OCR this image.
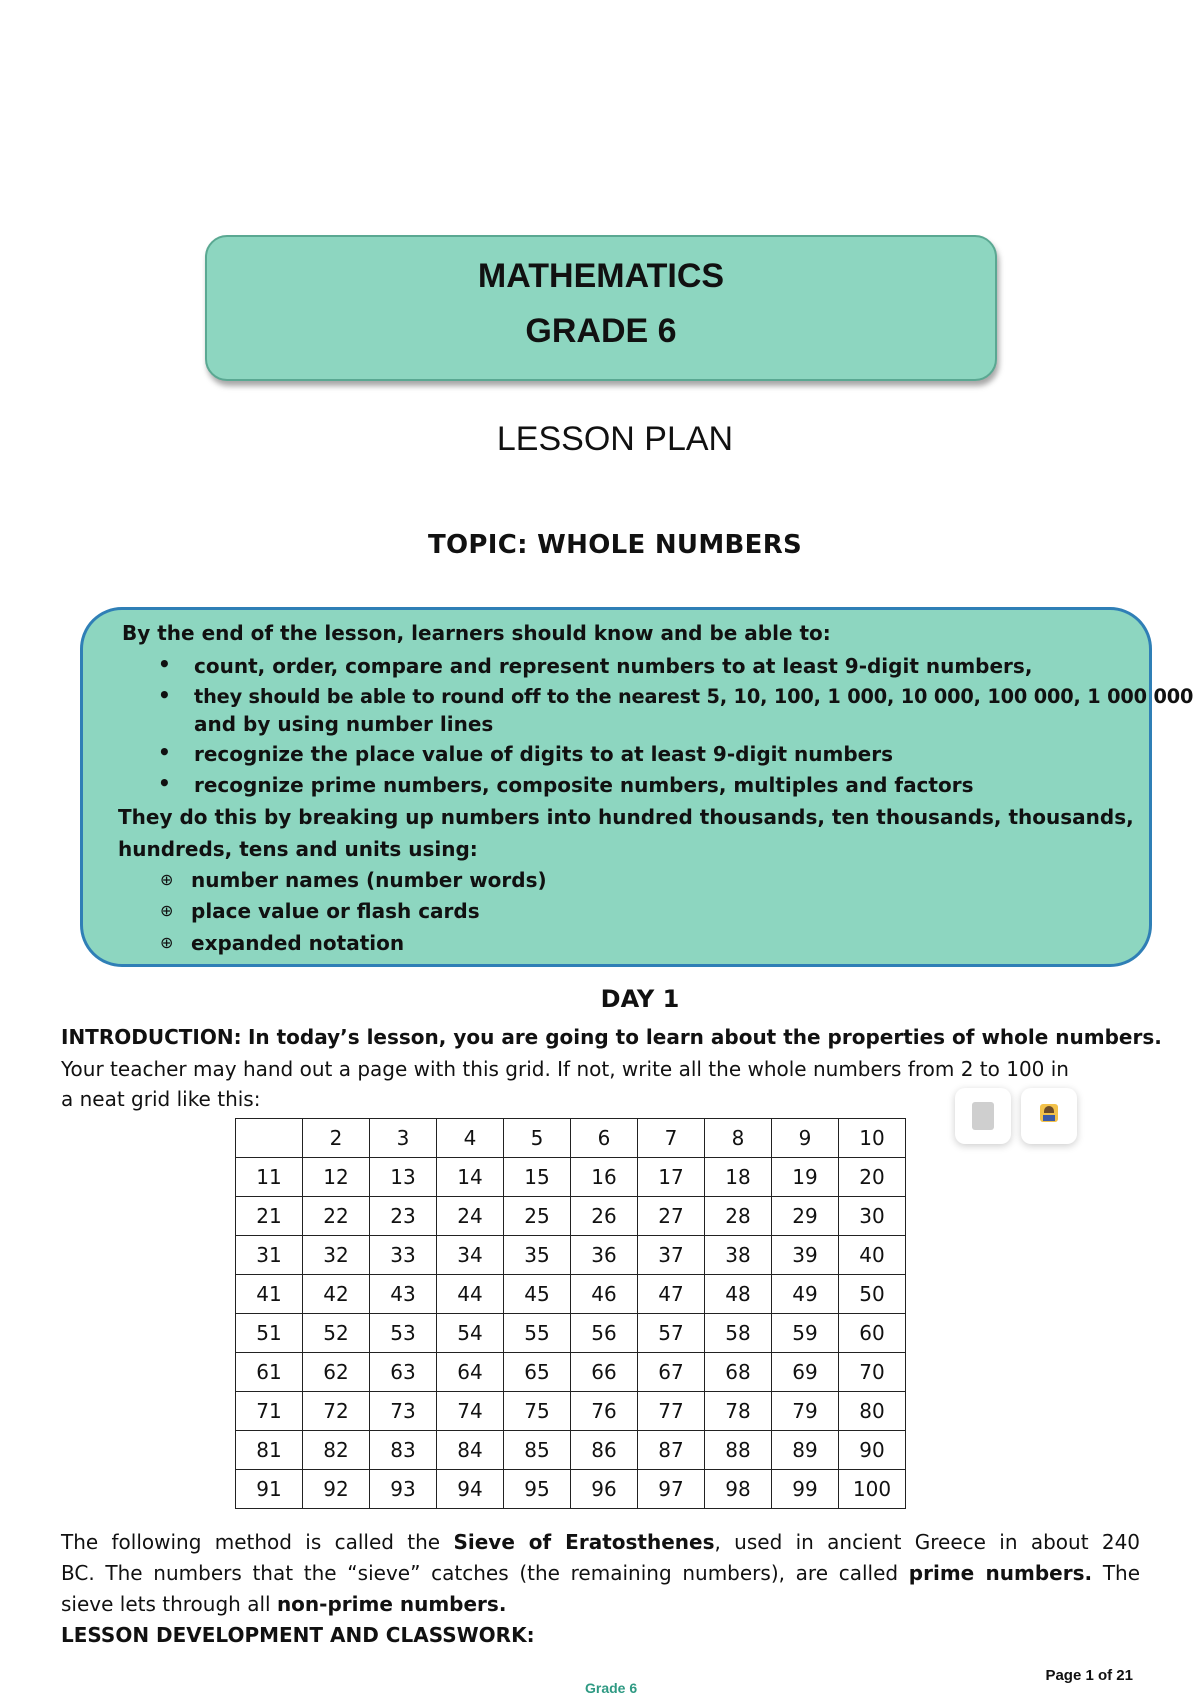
MATHEMATICS
GRADE 6
LESSON PLAN
TOPIC: WHOLE NUMBERS
By the end of the lesson, learners should know and be able to:
• count, order, compare and represent numbers to at least 9-digit numbers,
• they should be able to round off to the nearest 5, 10, 100, 1 000, 10 000, 100 000, 1 000 000
and by using number lines
• recognize the place value of digits to at least 9-digit numbers
• recognize prime numbers, composite numbers, multiples and factors
They do this by breaking up numbers into hundred thousands, ten thousands, thousands,
hundreds, tens and units using:
⊕ number names (number words)
⊕ place value or flash cards
⊕ expanded notation
DAY 1
INTRODUCTION: In today’s lesson, you are going to learn about the properties of whole numbers.
Your teacher may hand out a page with this grid. If not, write all the whole numbers from 2 to 100 in
a neat grid like this:
	2	3	4	5	6	7	8	9	10
11	12	13	14	15	16	17	18	19	20
21	22	23	24	25	26	27	28	29	30
31	32	33	34	35	36	37	38	39	40
41	42	43	44	45	46	47	48	49	50
51	52	53	54	55	56	57	58	59	60
61	62	63	64	65	66	67	68	69	70
71	72	73	74	75	76	77	78	79	80
81	82	83	84	85	86	87	88	89	90
91	92	93	94	95	96	97	98	99	100
The following method is called the Sieve of Eratosthenes, used in ancient Greece in about 240
BC. The numbers that the “sieve” catches (the remaining numbers), are called prime numbers. The
sieve lets through all non-prime numbers.
LESSON DEVELOPMENT AND CLASSWORK:
Page 1 of 21
Grade 6
